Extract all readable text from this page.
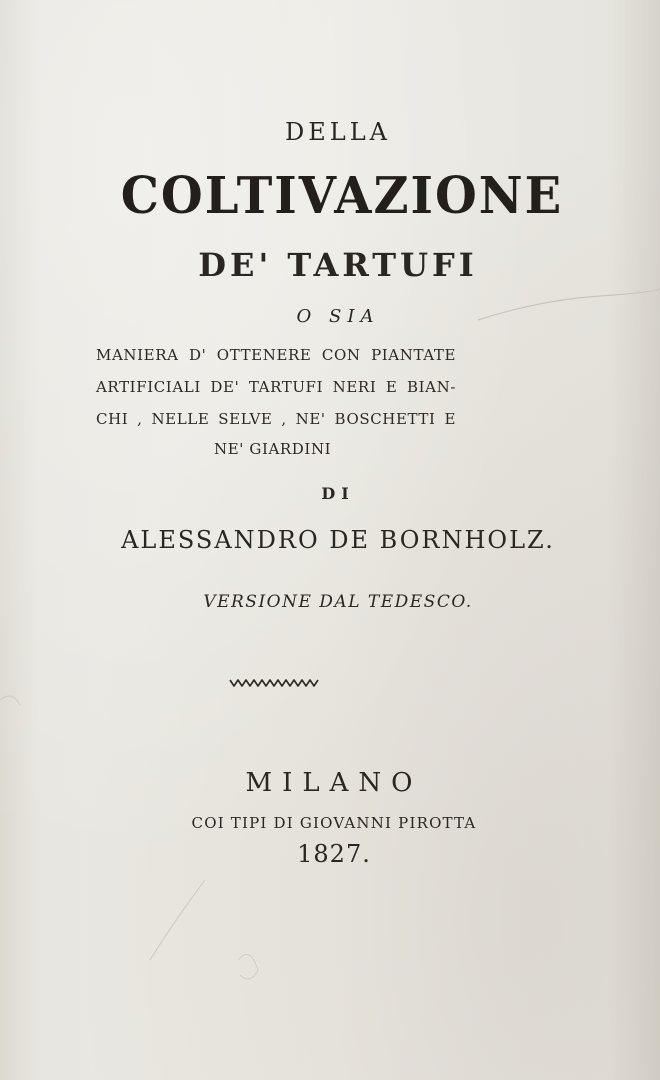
DELLA
COLTIVAZIONE
DE' TARTUFI
O SIA
MANIERA D' OTTENERE CON PIANTATE
ARTIFICIALI DE' TARTUFI NERI E BIAN-
CHI , NELLE SELVE , NE' BOSCHETTI E
NE' GIARDINI
DI
ALESSANDRO DE BORNHOLZ.
VERSIONE DAL TEDESCO.
MILANO
COI TIPI DI GIOVANNI PIROTTA
1827.
